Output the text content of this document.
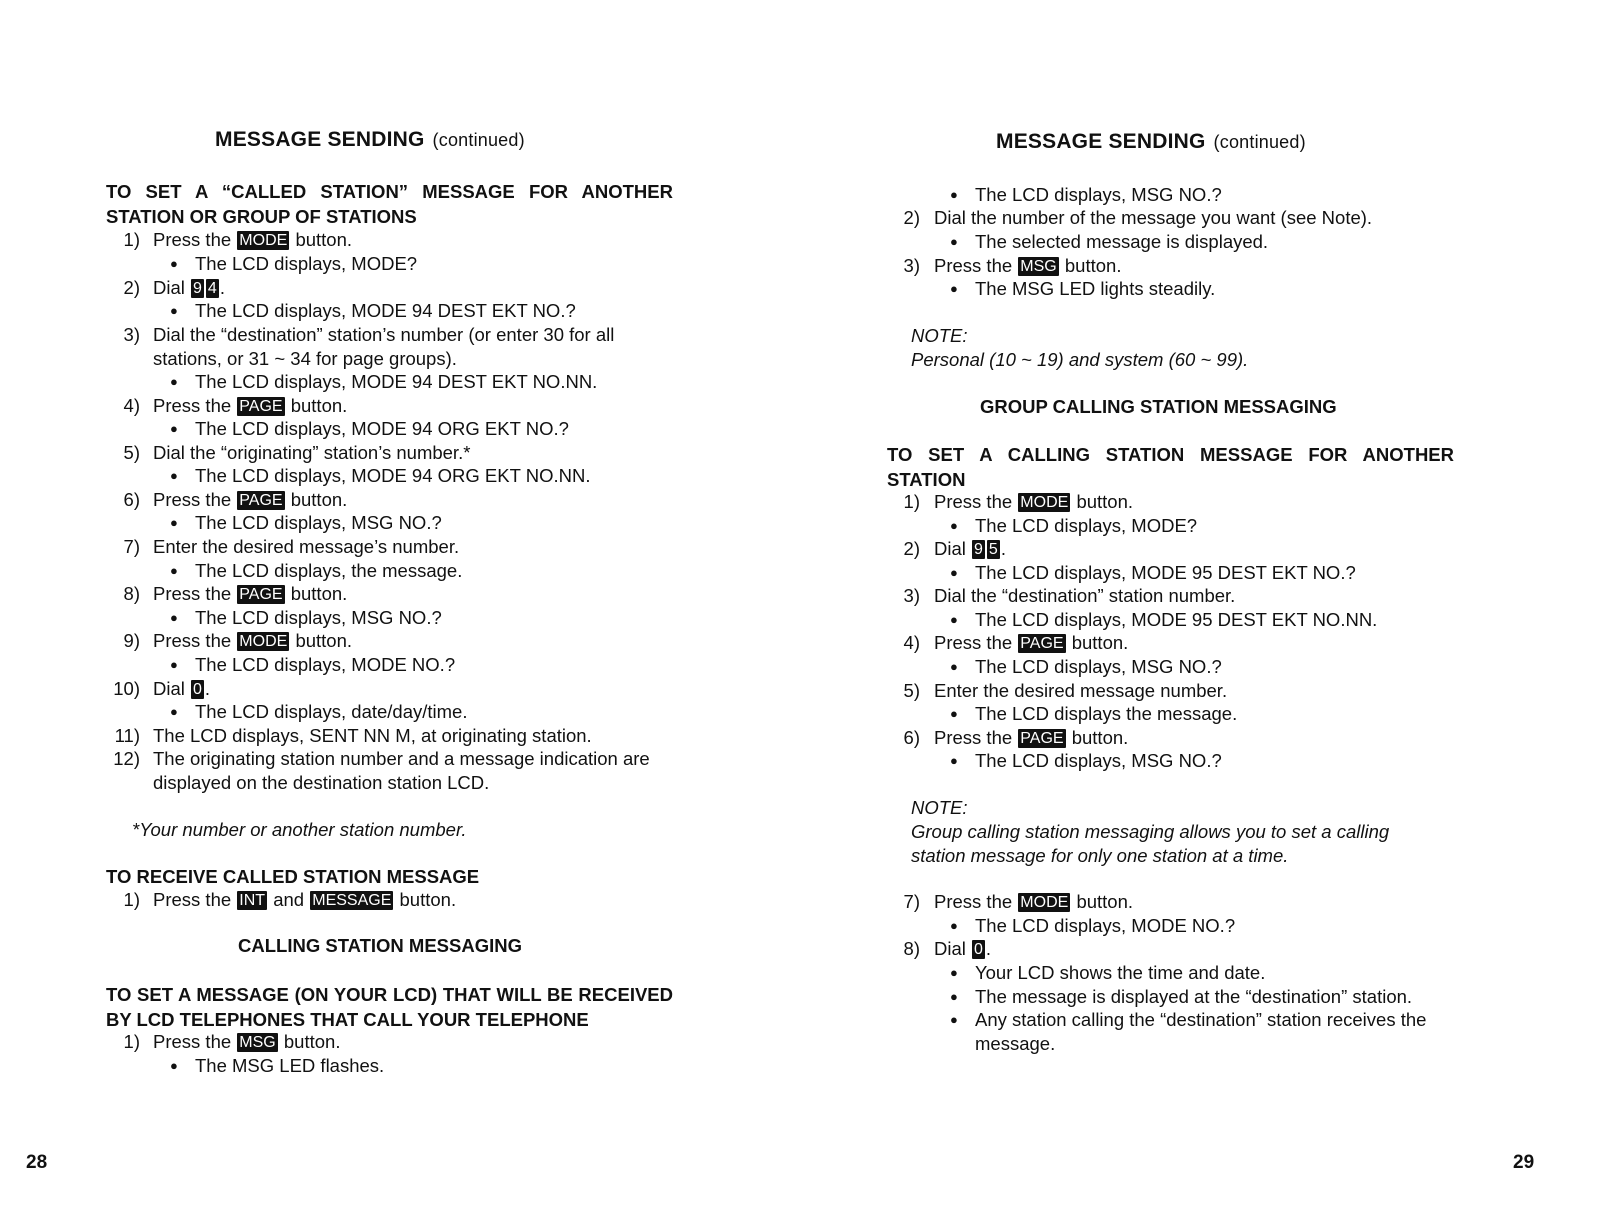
MESSAGE SENDING (continued)
TO SET A “CALLED STATION” MESSAGE FOR ANOTHER STATION OR GROUP OF STATIONS
1) Press the MODE button.
● The LCD displays, MODE?
2) Dial 9 4 .
● The LCD displays, MODE 94 DEST EKT NO.?
3) Dial the “destination” station’s number (or enter 30 for all
stations, or 31 ~ 34 for page groups).
● The LCD displays, MODE 94 DEST EKT NO.NN.
4) Press the PAGE button.
● The LCD displays, MODE 94 ORG EKT NO.?
5) Dial the “originating” station’s number.*
● The LCD displays, MODE 94 ORG EKT NO.NN.
6) Press the PAGE button.
● The LCD displays, MSG NO.?
7) Enter the desired message’s number.
● The LCD displays, the message.
8) Press the PAGE button.
● The LCD displays, MSG NO.?
9) Press the MODE button.
● The LCD displays, MODE NO.?
10) Dial 0 .
● The LCD displays, date/day/time.
11) The LCD displays, SENT NN M, at originating station.
12) The originating station number and a message indication are
displayed on the destination station LCD.
*Your number or another station number.
TO RECEIVE CALLED STATION MESSAGE
1) Press the INT and MESSAGE button.
CALLING STATION MESSAGING
TO SET A MESSAGE (ON YOUR LCD) THAT WILL BE RECEIVED BY LCD TELEPHONES THAT CALL YOUR TELEPHONE
1) Press the MSG button.
● The MSG LED flashes.
28
MESSAGE SENDING (continued)
● The LCD displays, MSG NO.?
2) Dial the number of the message you want (see Note).
● The selected message is displayed.
3) Press the MSG button.
● The MSG LED lights steadily.
NOTE:
Personal (10 ~ 19) and system (60 ~ 99).
GROUP CALLING STATION MESSAGING
TO SET A CALLING STATION MESSAGE FOR ANOTHER STATION
1) Press the MODE button.
● The LCD displays, MODE?
2) Dial 9 5 .
● The LCD displays, MODE 95 DEST EKT NO.?
3) Dial the “destination” station number.
● The LCD displays, MODE 95 DEST EKT NO.NN.
4) Press the PAGE button.
● The LCD displays, MSG NO.?
5) Enter the desired message number.
● The LCD displays the message.
6) Press the PAGE button.
● The LCD displays, MSG NO.?
NOTE:
Group calling station messaging allows you to set a calling
station message for only one station at a time.
7) Press the MODE button.
● The LCD displays, MODE NO.?
8) Dial 0 .
● Your LCD shows the time and date.
● The message is displayed at the “destination” station.
● Any station calling the “destination” station receives the
message.
29
